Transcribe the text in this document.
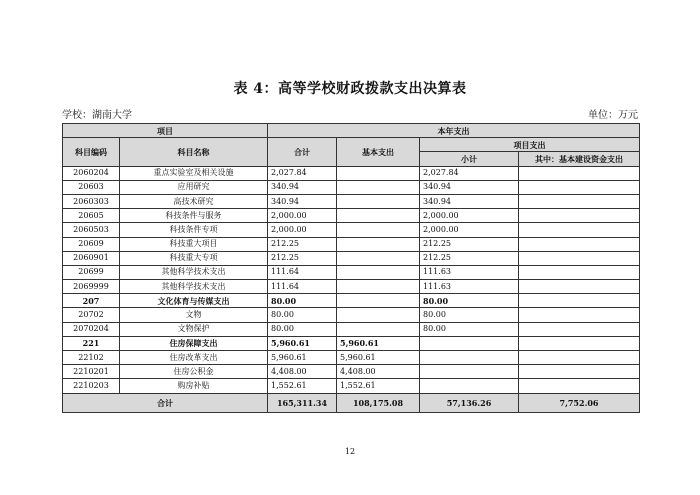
表 4：高等学校财政拨款支出决算表
学校：湖南大学	单位：万元
项目		本年支出			
科目编码	科目名称	合计	基本支出	项目支出	
				小计	其中：基本建设资金支出
2060204	重点实验室及相关设施	2,027.84		2,027.84	
20603	应用研究	340.94		340.94	
2060303	高技术研究	340.94		340.94	
20605	科技条件与服务	2,000.00		2,000.00	
2060503	科技条件专项	2,000.00		2,000.00	
20609	科技重大项目	212.25		212.25	
2060901	科技重大专项	212.25		212.25	
20699	其他科学技术支出	111.64		111.63	
2069999	其他科学技术支出	111.64		111.63	
207	文化体育与传媒支出	80.00		80.00	
20702	文物	80.00		80.00	
2070204	文物保护	80.00		80.00	
221	住房保障支出	5,960.61	5,960.61		
22102	住房改革支出	5,960.61	5,960.61		
2210201	住房公积金	4,408.00	4,408.00		
2210203	购房补贴	1,552.61	1,552.61		
合计		165,311.34	108,175.08	57,136.26	7,752.06
12
